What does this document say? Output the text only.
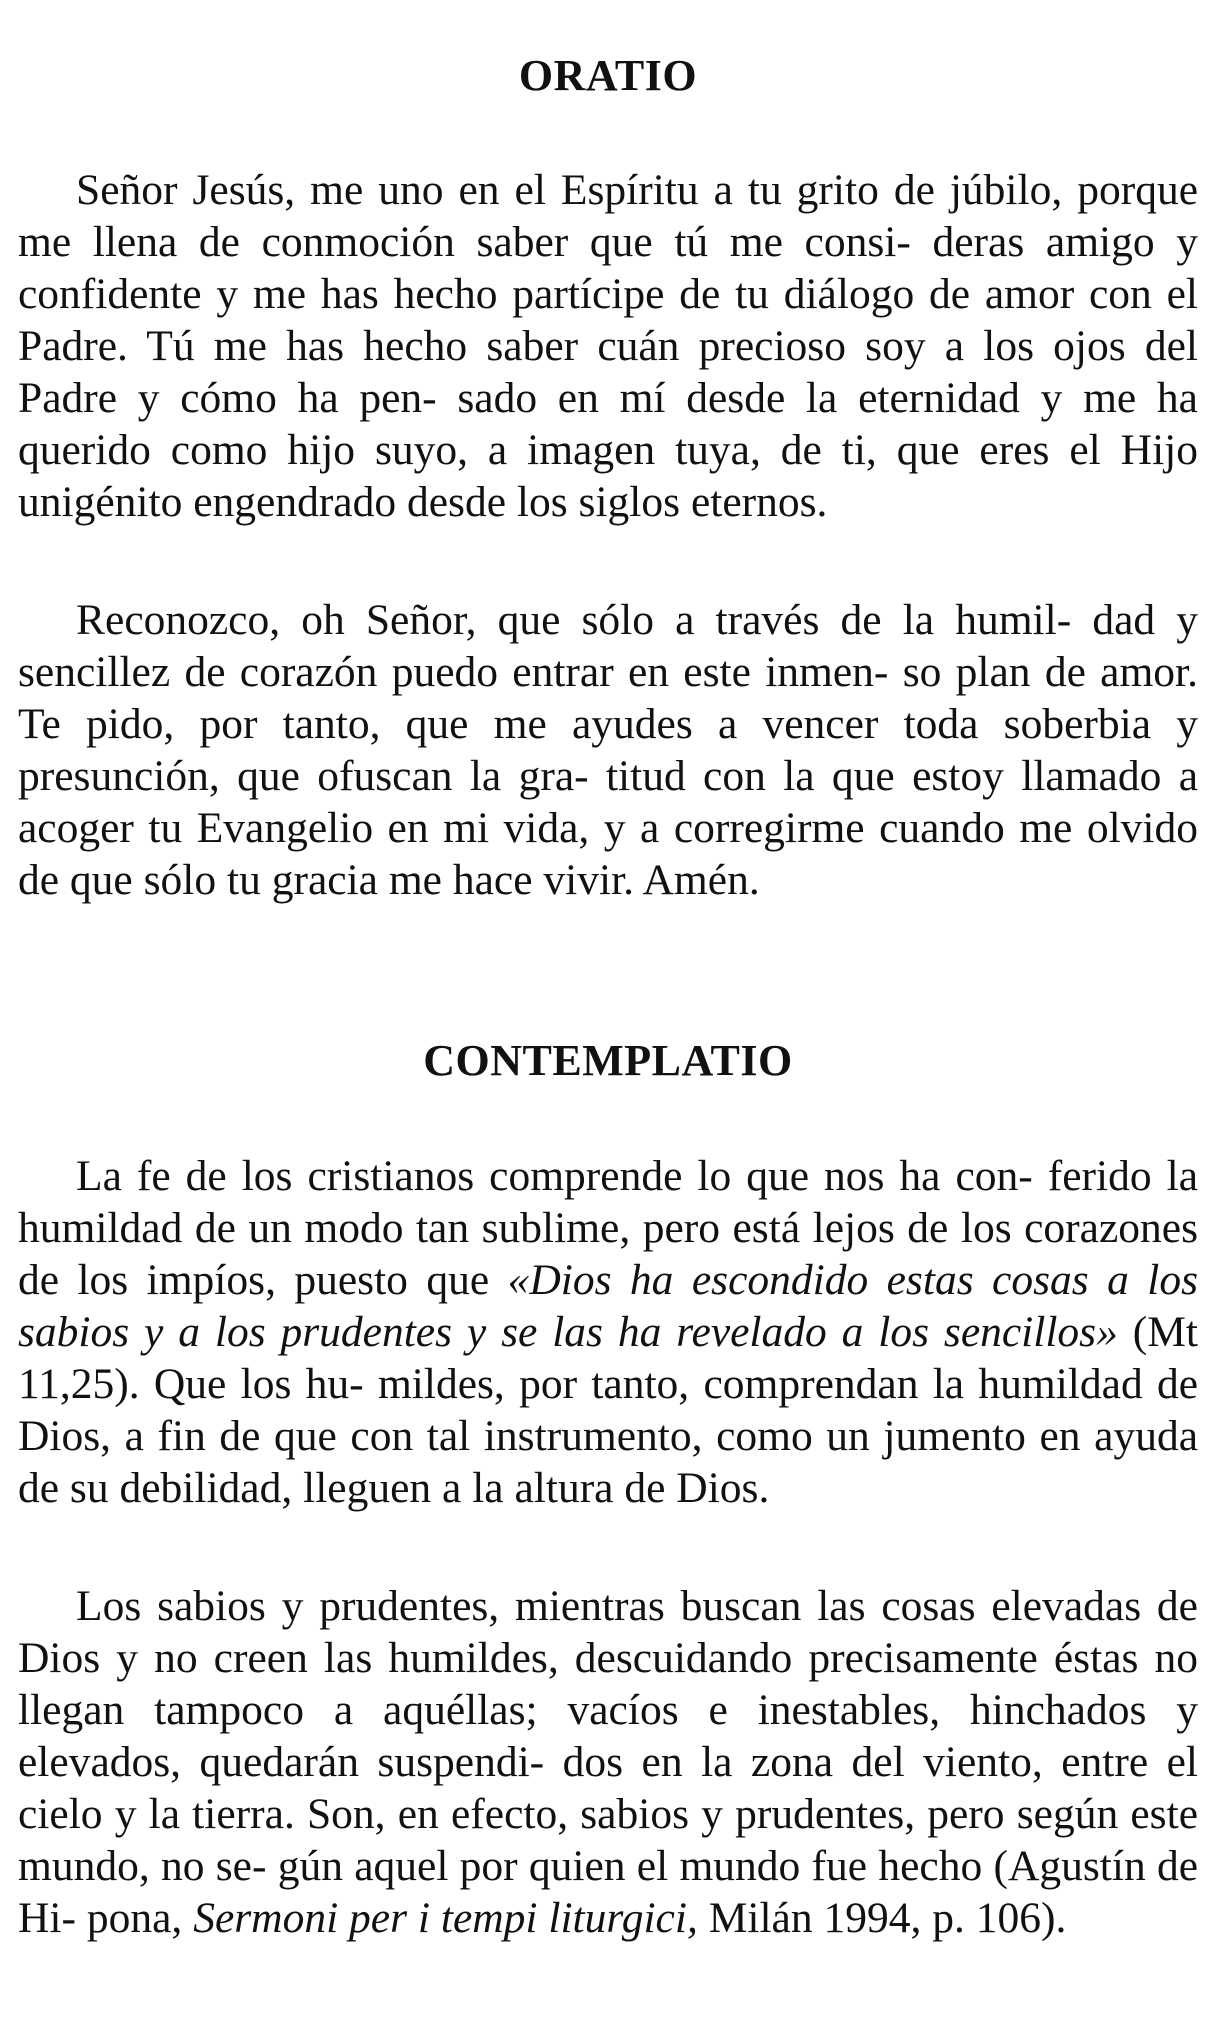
ORATIO

Señor Jesús, me uno en el Espíritu a tu grito de júbilo, porque me llena de conmoción saber que tú me consi- deras amigo y confidente y me has hecho partícipe de tu diálogo de amor con el Padre. Tú me has hecho saber cuán precioso soy a los ojos del Padre y cómo ha pen- sado en mí desde la eternidad y me ha querido como hijo suyo, a imagen tuya, de ti, que eres el Hijo unigénito engendrado desde los siglos eternos.

Reconozco, oh Señor, que sólo a través de la humil- dad y sencillez de corazón puedo entrar en este inmen- so plan de amor. Te pido, por tanto, que me ayudes a vencer toda soberbia y presunción, que ofuscan la gra- titud con la que estoy llamado a acoger tu Evangelio en mi vida, y a corregirme cuando me olvido de que sólo tu gracia me hace vivir. Amén.

CONTEMPLATIO

La fe de los cristianos comprende lo que nos ha con- ferido la humildad de un modo tan sublime, pero está lejos de los corazones de los impíos, puesto que «Dios ha escondido estas cosas a los sabios y a los prudentes y se las ha revelado a los sencillos» (Mt 11,25). Que los hu- mildes, por tanto, comprendan la humildad de Dios, a fin de que con tal instrumento, como un jumento en ayuda de su debilidad, lleguen a la altura de Dios.

Los sabios y prudentes, mientras buscan las cosas elevadas de Dios y no creen las humildes, descuidando precisamente éstas no llegan tampoco a aquéllas; vacíos e inestables, hinchados y elevados, quedarán suspendi- dos en la zona del viento, entre el cielo y la tierra. Son, en efecto, sabios y prudentes, pero según este mundo, no se- gún aquel por quien el mundo fue hecho (Agustín de Hi- pona, Sermoni per i tempi liturgici, Milán 1994, p. 106).
